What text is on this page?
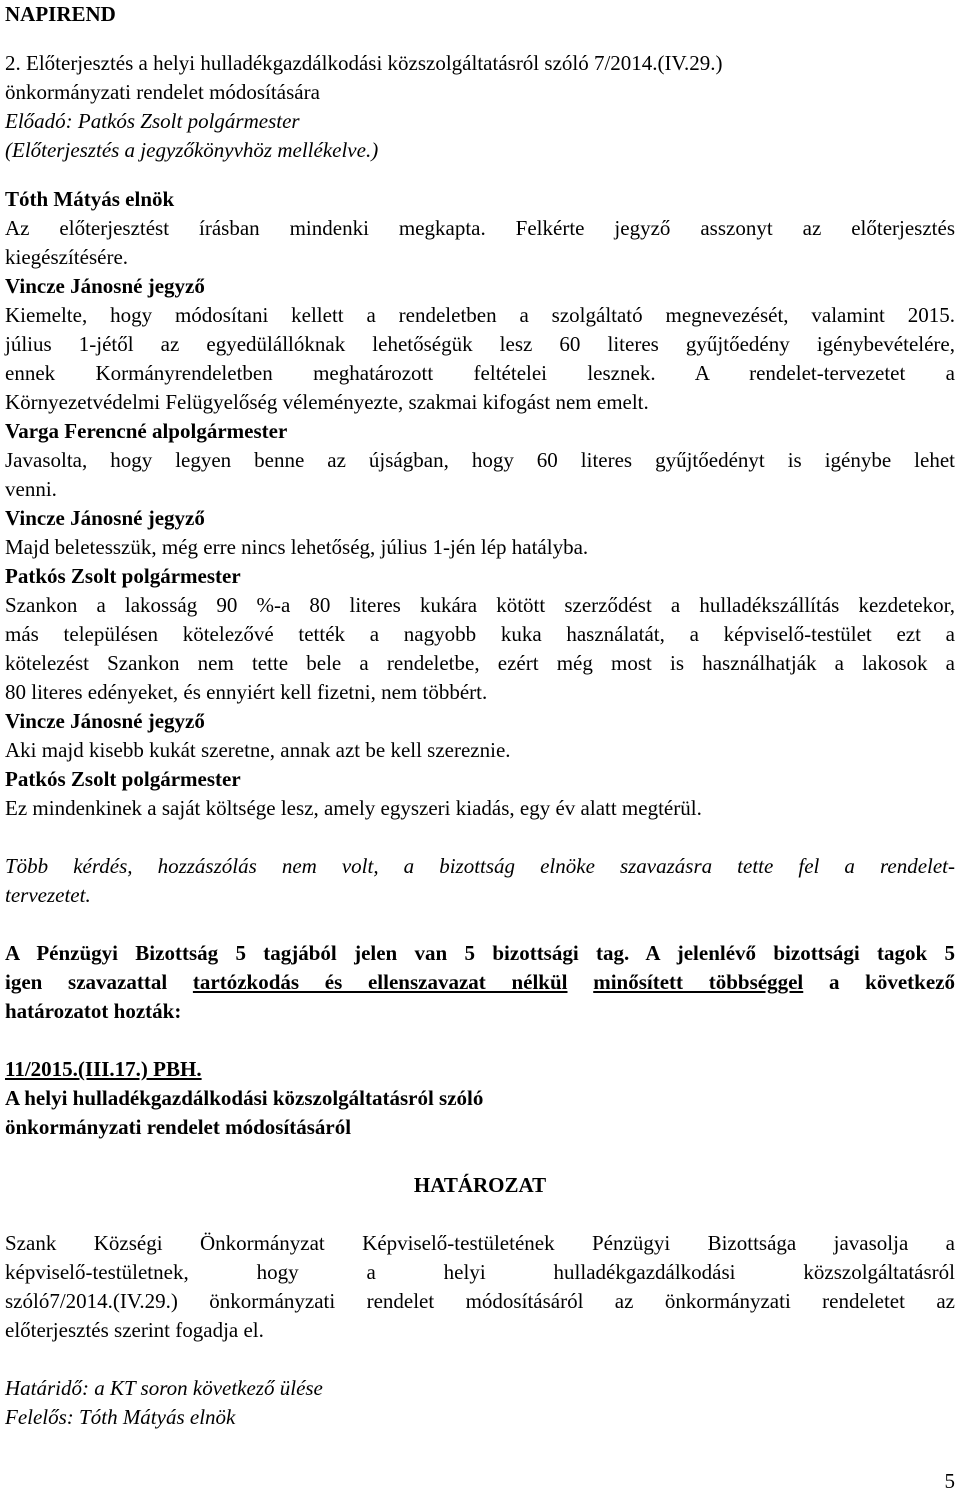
NAPIREND

2. Előterjesztés a helyi hulladékgazdálkodási közszolgáltatásról szóló 7/2014.(IV.29.)

önkormányzati rendelet módosítására

Előadó: Patkós Zsolt polgármester

(Előterjesztés a jegyzőkönyvhöz mellékelve.)

Tóth Mátyás elnök

Az előterjesztést írásban mindenki megkapta. Felkérte jegyző asszonyt az előterjesztés

kiegészítésére.

Vincze Jánosné jegyző

Kiemelte, hogy módosítani kellett a rendeletben a szolgáltató megnevezését, valamint 2015.

július 1-jétől az egyedülállóknak lehetőségük lesz 60 literes gyűjtőedény igénybevételére,

ennek Kormányrendeletben meghatározott feltételei lesznek. A rendelet-tervezetet a

Környezetvédelmi Felügyelőség véleményezte, szakmai kifogást nem emelt.

Varga Ferencné alpolgármester

Javasolta, hogy legyen benne az újságban, hogy 60 literes gyűjtőedényt is igénybe lehet

venni.

Vincze Jánosné jegyző

Majd beletesszük, még erre nincs lehetőség, július 1-jén lép hatályba.

Patkós Zsolt polgármester

Szankon a lakosság 90 %-a 80 literes kukára kötött szerződést a hulladékszállítás kezdetekor,

más településen kötelezővé tették a nagyobb kuka használatát, a képviselő-testület ezt a

kötelezést Szankon nem tette bele a rendeletbe, ezért még most is használhatják a lakosok a

80 literes edényeket, és ennyiért kell fizetni, nem többért.

Vincze Jánosné jegyző

Aki majd kisebb kukát szeretne, annak azt be kell szereznie.

Patkós Zsolt polgármester

Ez mindenkinek a saját költsége lesz, amely egyszeri kiadás, egy év alatt megtérül.

Több kérdés, hozzászólás nem volt, a bizottság elnöke szavazásra tette fel a rendelet-

tervezetet.

A Pénzügyi Bizottság 5 tagjából jelen van 5 bizottsági tag. A jelenlévő bizottsági tagok 5

igen szavazattal tartózkodás és ellenszavazat nélkül minősített többséggel a következő

határozatot hozták:

11/2015.(III.17.) PBH.

A helyi hulladékgazdálkodási közszolgáltatásról szóló

önkormányzati rendelet módosításáról

HATÁROZAT

Szank Községi Önkormányzat Képviselő-testületének Pénzügyi Bizottsága javasolja a

képviselő-testületnek, hogy a helyi hulladékgazdálkodási közszolgáltatásról

szóló7/2014.(IV.29.) önkormányzati rendelet módosításáról az önkormányzati rendeletet az

előterjesztés szerint fogadja el.

Határidő: a KT soron következő ülése

Felelős: Tóth Mátyás elnök

5
